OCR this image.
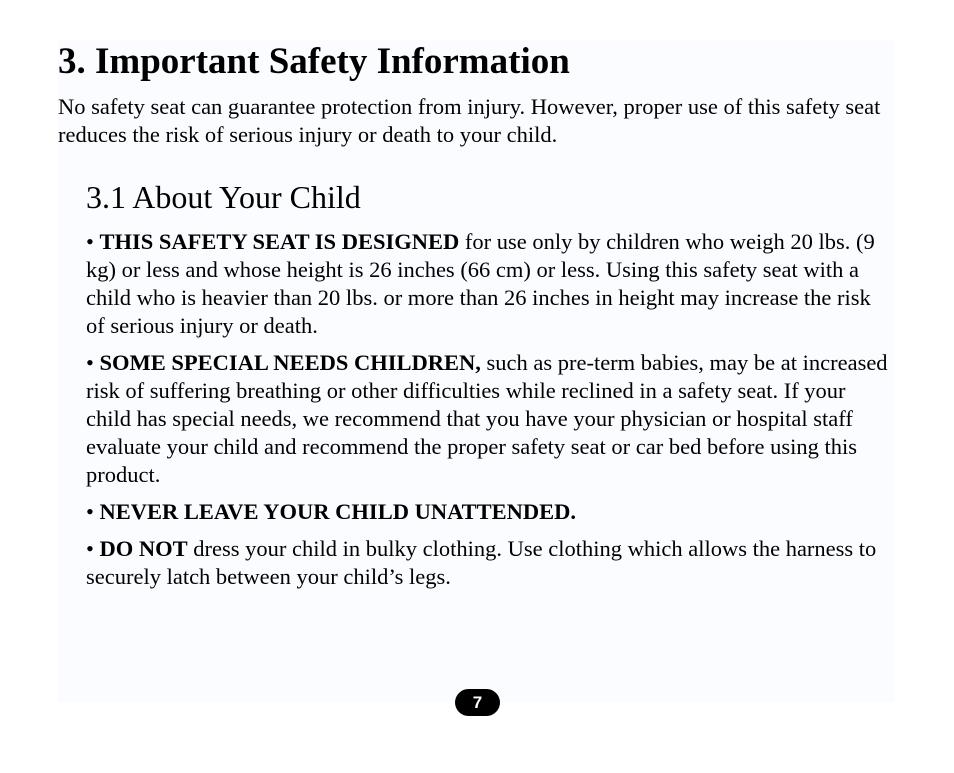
3. Important Safety Information

No safety seat can guarantee protection from injury. However, proper use of this safety seat reduces the risk of serious injury or death to your child.

3.1 About Your Child

• THIS SAFETY SEAT IS DESIGNED for use only by children who weigh 20 lbs. (9 kg) or less and whose height is 26 inches (66 cm) or less. Using this safety seat with a child who is heavier than 20 lbs. or more than 26 inches in height may increase the risk of serious injury or death.

• SOME SPECIAL NEEDS CHILDREN, such as pre-term babies, may be at increased risk of suffering breathing or other difficulties while reclined in a safety seat. If your child has special needs, we recommend that you have your physician or hospital staff evaluate your child and recommend the proper safety seat or car bed before using this product.

• NEVER LEAVE YOUR CHILD UNATTENDED.

• DO NOT dress your child in bulky clothing. Use clothing which allows the harness to securely latch between your child’s legs.

7
